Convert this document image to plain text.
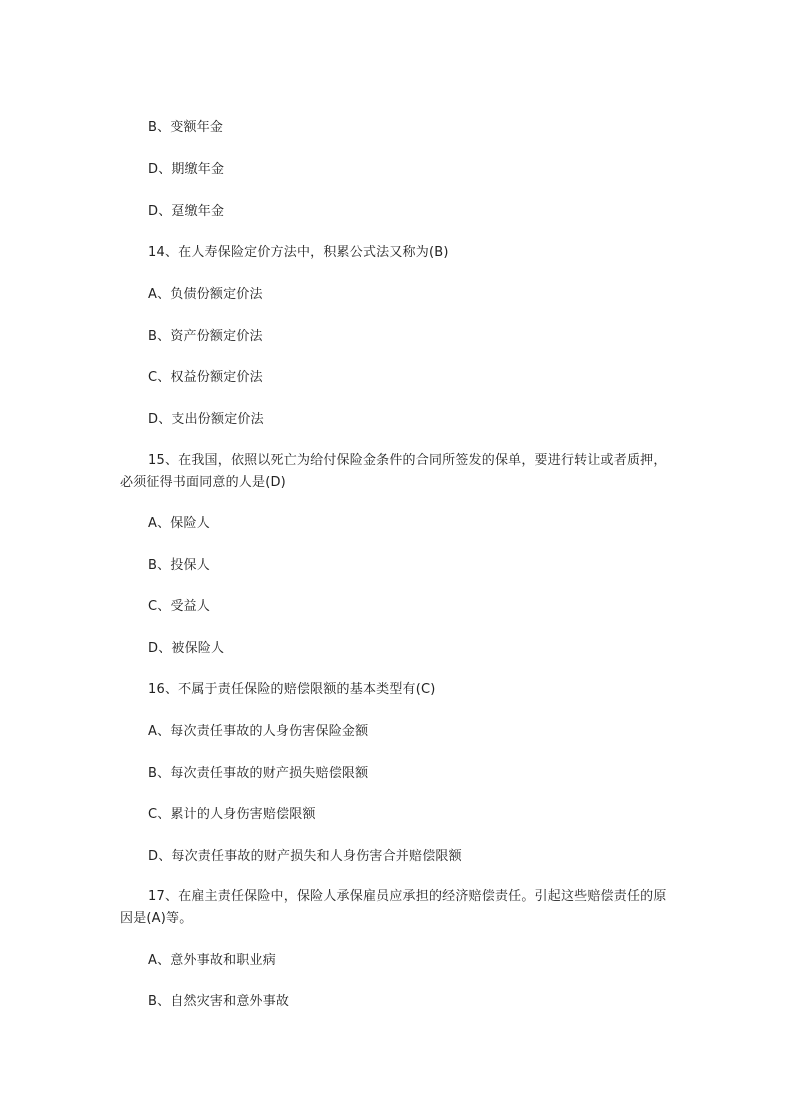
B、变额年金
D、期缴年金
D、趸缴年金
14、在人寿保险定价方法中，积累公式法又称为(B)
A、负债份额定价法
B、资产份额定价法
C、权益份额定价法
D、支出份额定价法
15、在我国，依照以死亡为给付保险金条件的合同所签发的保单，要进行转让或者质押，必须征得书面同意的人是(D)
A、保险人
B、投保人
C、受益人
D、被保险人
16、不属于责任保险的赔偿限额的基本类型有(C)
A、每次责任事故的人身伤害保险金额
B、每次责任事故的财产损失赔偿限额
C、累计的人身伤害赔偿限额
D、每次责任事故的财产损失和人身伤害合并赔偿限额
17、在雇主责任保险中，保险人承保雇员应承担的经济赔偿责任。引起这些赔偿责任的原因是(A)等。
A、意外事故和职业病
B、自然灾害和意外事故
